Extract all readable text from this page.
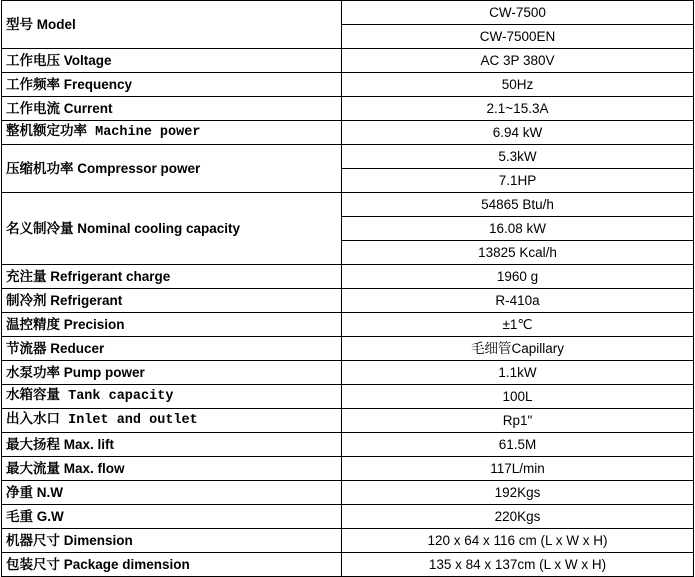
型号 Model	CW-7500
	CW-7500EN
工作电压 Voltage	AC 3P 380V
工作频率 Frequency	50Hz
工作电流 Current	2.1~15.3A
整机额定功率 Machine power	6.94 kW
压缩机功率 Compressor power	5.3kW
	7.1HP
名义制冷量 Nominal cooling capacity	54865 Btu/h
	16.08 kW
	13825 Kcal/h
充注量 Refrigerant charge	1960 g
制冷剂 Refrigerant	R-410a
温控精度 Precision	±1℃
节流器 Reducer	毛细管Capillary
水泵功率 Pump power	1.1kW
水箱容量 Tank capacity	100L
出入水口 Inlet and outlet	Rp1"
最大扬程 Max. lift	61.5M
最大流量 Max. flow	117L/min
净重 N.W	192Kgs
毛重 G.W	220Kgs
机器尺寸 Dimension	120 x 64 x 116 cm (L x W x H)
包装尺寸 Package dimension	135 x 84 x 137cm (L x W x H)
